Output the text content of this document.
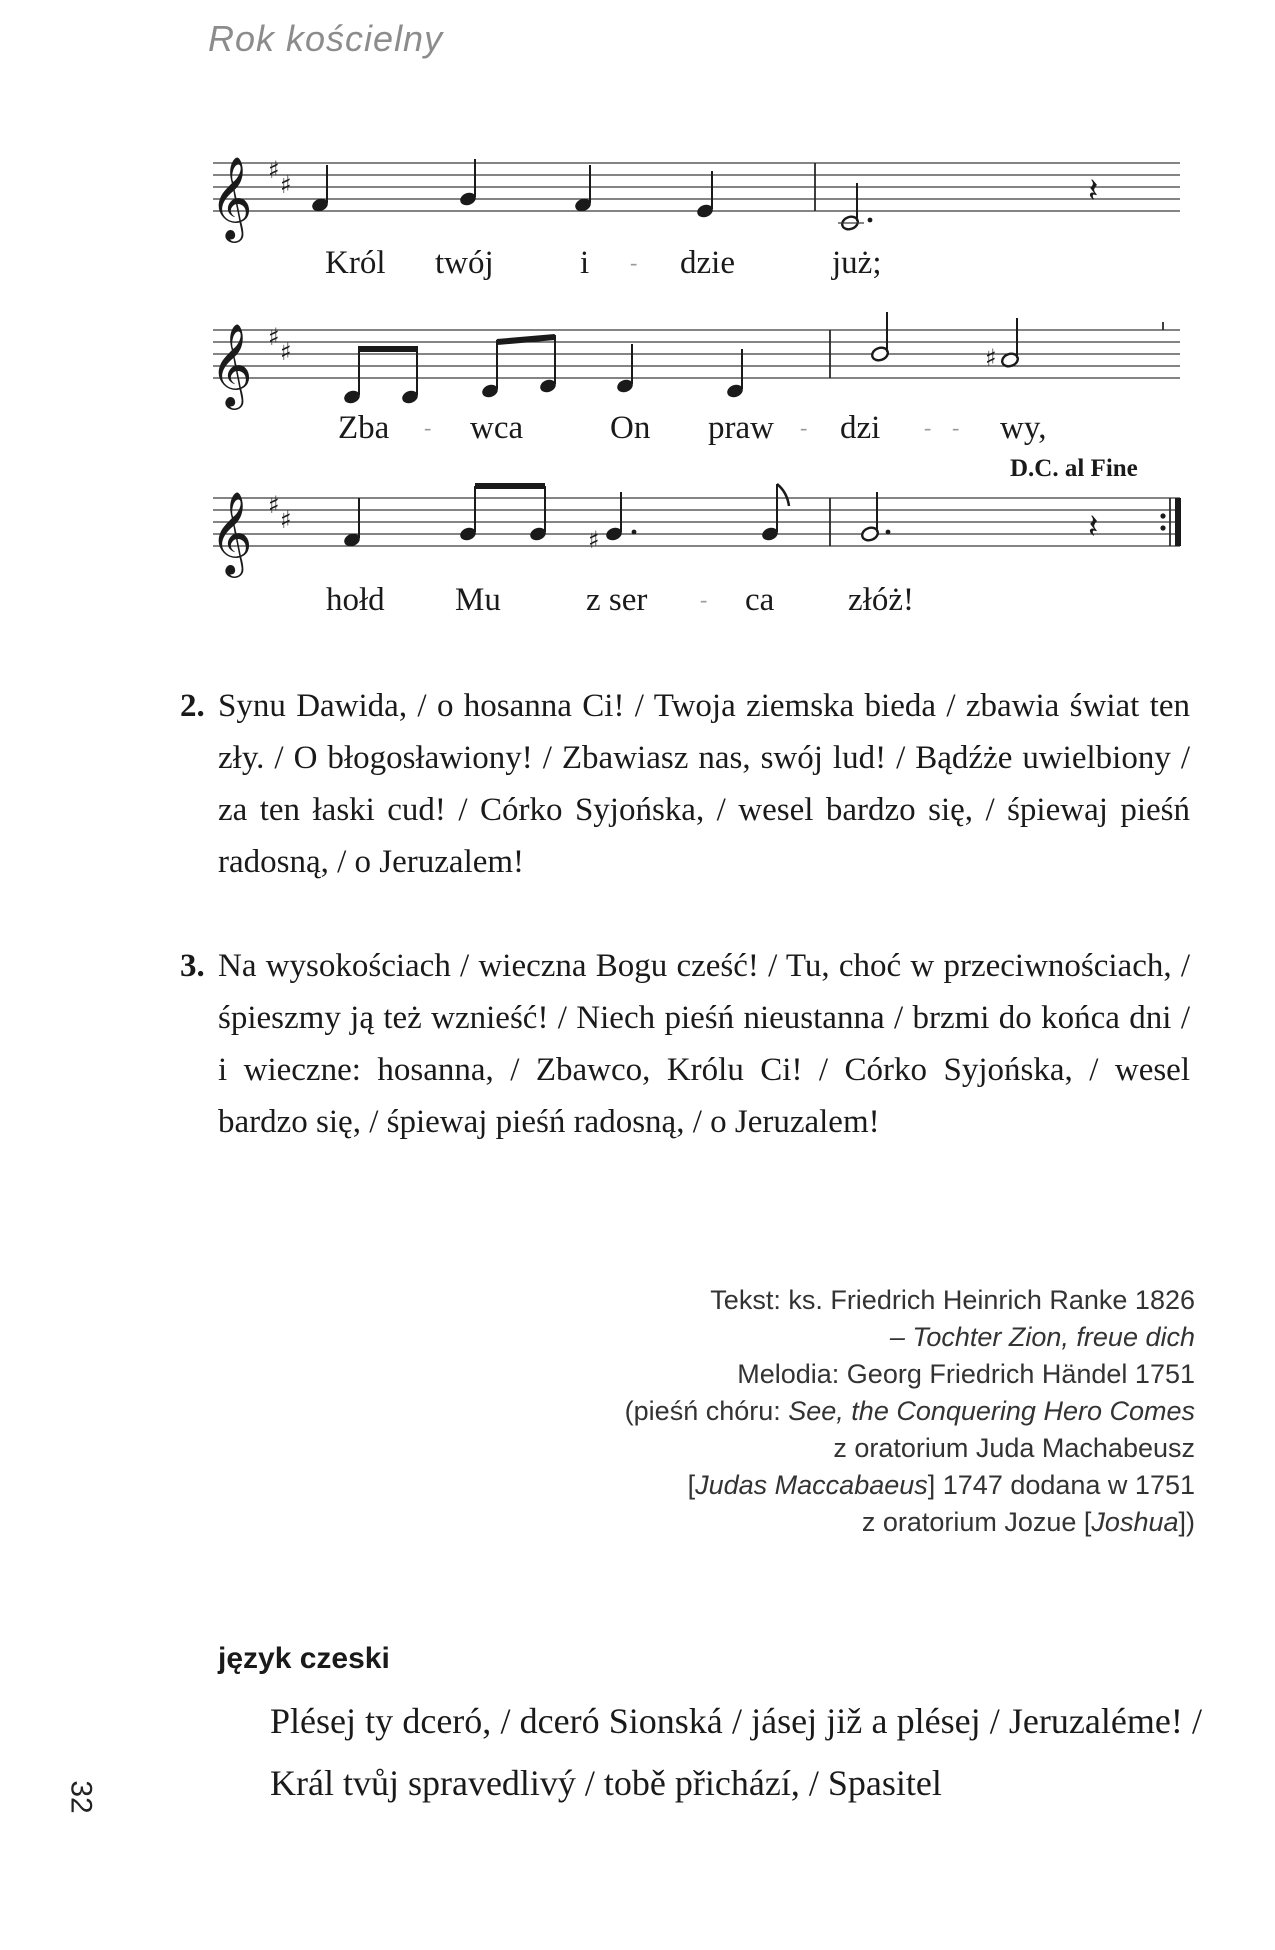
Rok kościelny
𝄞 ♯
♯	𝄽
Król twój	i - dzie	już;
𝄞 ♯
♯	♯
Zba - wca	On praw - dzi - - wy,
D.C. al Fine
𝄞 ♯
♯
♯	𝄽
hołd Mu	z ser - ca złóż!
2. Synu Dawida, / o hosanna Ci! / Twoja ziemska bieda / zbawia świat ten zły. / O błogosławiony! / Zbawiasz nas, swój lud! / Bądźże uwielbiony / za ten łaski cud! / Córko Syjońska, / wesel bardzo się, / śpiewaj pieśń radosną, / o Jeruzalem!
3. Na wysokościach / wieczna Bogu cześć! / Tu, choć w przeciwnościach, / śpieszmy ją też wznieść! / Niech pieśń nieustanna / brzmi do końca dni / i wieczne: hosanna, / Zbawco, Królu Ci! / Córko Syjońska, / wesel bardzo się, / śpiewaj pieśń radosną, / o Jeruzalem!
Tekst: ks. Friedrich Heinrich Ranke 1826
– Tochter Zion, freue dich
Melodia: Georg Friedrich Händel 1751
(pieśń chóru: See, the Conquering Hero Comes
z oratorium Juda Machabeusz
[Judas Maccabaeus] 1747 dodana w 1751
z oratorium Jozue [Joshua])
język czeski
Plésej ty dceró, / dceró Sionská / jásej již a plésej / Jeruzaléme! / Král tvůj spravedlivý / tobě přichází, / Spasitel
32
